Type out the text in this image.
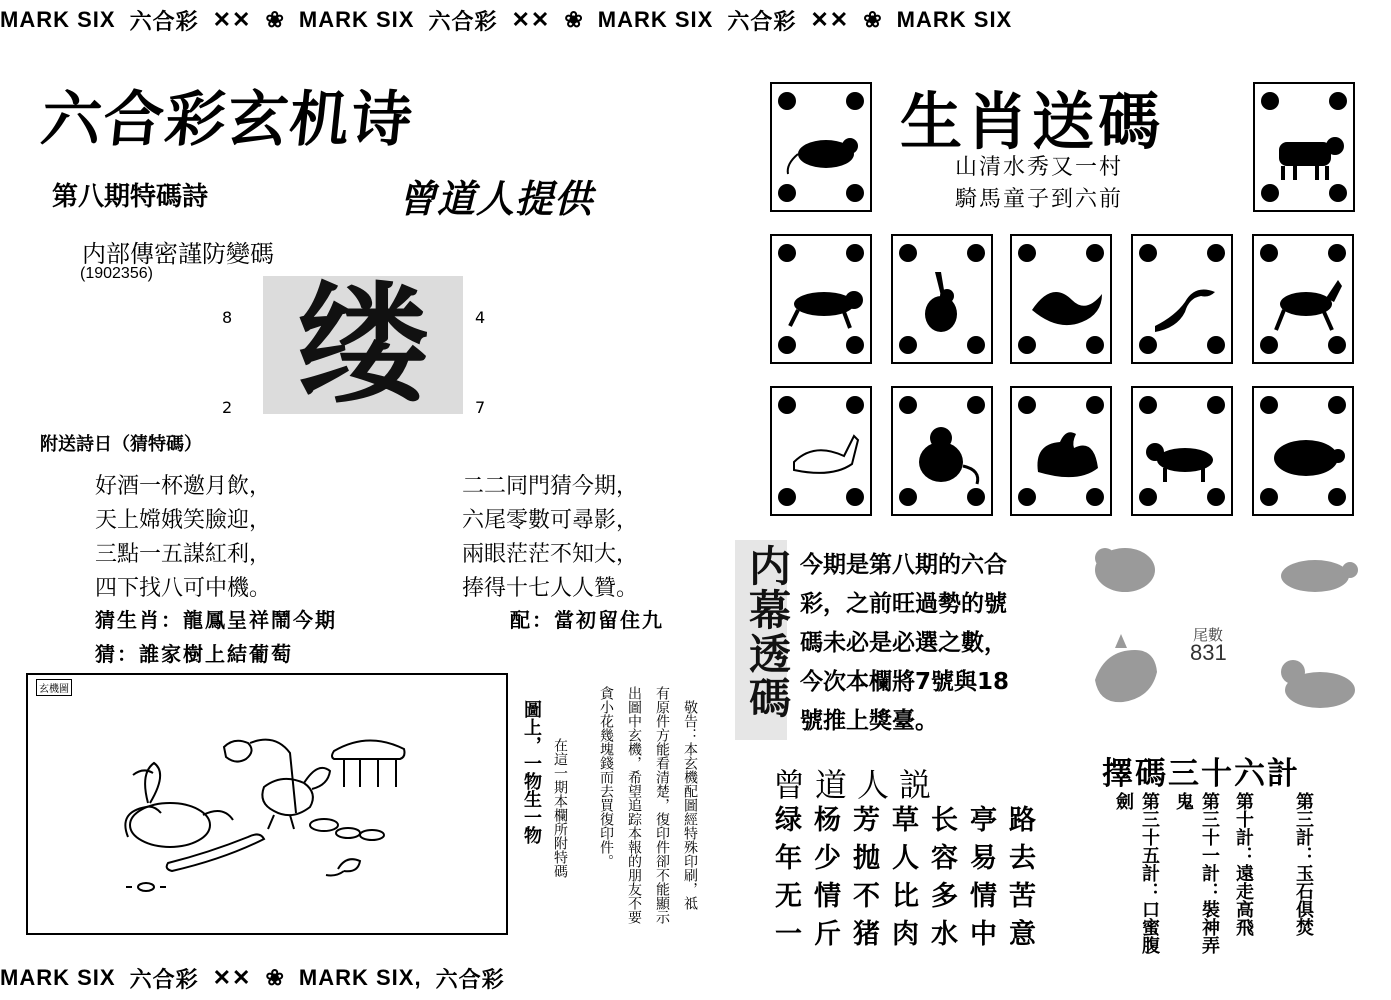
MARK SIX 六合彩 ✕✕ ❀ MARK SIX 六合彩 ✕✕ ❀ MARK SIX 六合彩 ✕✕ ❀ MARK SIX
六合彩玄机诗
第八期特碼詩	曾道人提供
内部傳密謹防變碼
(1902356) 缕
8	4
2	7
附送詩日（猜特碼）
好酒一杯邀月飲，
天上嫦娥笑臉迎，
三點一五謀紅利，
四下找八可中機。
二二同門猜今期，
六尾零數可尋影，
兩眼茫茫不知大，
捧得十七人人贊。
猜生肖：龍鳳呈祥鬧今期	配：當初留住九
猜：誰家樹上結葡萄
玄機圖
圖上，一物生一物 在這一期本欄所附特碼	敬告：本玄機配圖經特殊印刷，祗
有原件方能看清楚，復印件卻不能顯示
出圖中玄機，希望追踪本報的朋友不要
貪小花幾塊錢而去買復印件。
生肖送碼
山清水秀又一村
騎馬童子到六前
内幕透碼 今期是第八期的六合
彩，之前旺過勢的號
碼未必是必選之數，
今次本欄將7號與18
號推上獎臺。
尾數
831
曾道人説
绿杨芳草长亭路
年少抛人容易去
无情不比多情苦
一斤猪肉水中意
擇碼三十六計
第三計：玉石俱焚
第十計：遠走高飛
第三十一計：裝神弄鬼
第三十五計：口蜜腹劍
MARK SIX 六合彩 ✕✕ ❀ MARK SIX, 六合彩
